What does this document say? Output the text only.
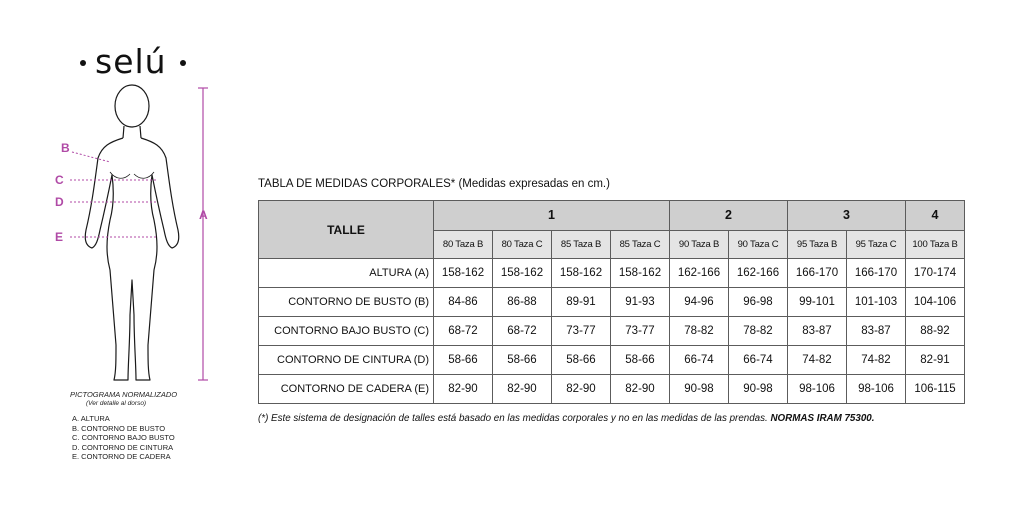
selú
B
C
D
E
A
PICTOGRAMA NORMALIZADO
(Ver detalle al dorso)
A. ALTURA
B. CONTORNO DE BUSTO
C. CONTORNO BAJO BUSTO
D. CONTORNO DE CINTURA
E. CONTORNO DE CADERA
TABLA DE MEDIDAS CORPORALES* (Medidas expresadas en cm.)
TALLE	1				2		3		4
	80 Taza B	80 Taza C	85 Taza B	85 Taza C	90 Taza B	90 Taza C	95 Taza B	95 Taza C	100 Taza B
ALTURA (A)	158-162	158-162	158-162	158-162	162-166	162-166	166-170	166-170	170-174
CONTORNO DE BUSTO (B)	84-86	86-88	89-91	91-93	94-96	96-98	99-101	101-103	104-106
CONTORNO BAJO BUSTO (C)	68-72	68-72	73-77	73-77	78-82	78-82	83-87	83-87	88-92
CONTORNO DE CINTURA (D)	58-66	58-66	58-66	58-66	66-74	66-74	74-82	74-82	82-91
CONTORNO DE CADERA (E)	82-90	82-90	82-90	82-90	90-98	90-98	98-106	98-106	106-115
(*) Este sistema de designación de talles está basado en las medidas corporales y no en las medidas de las prendas. NORMAS IRAM 75300.
